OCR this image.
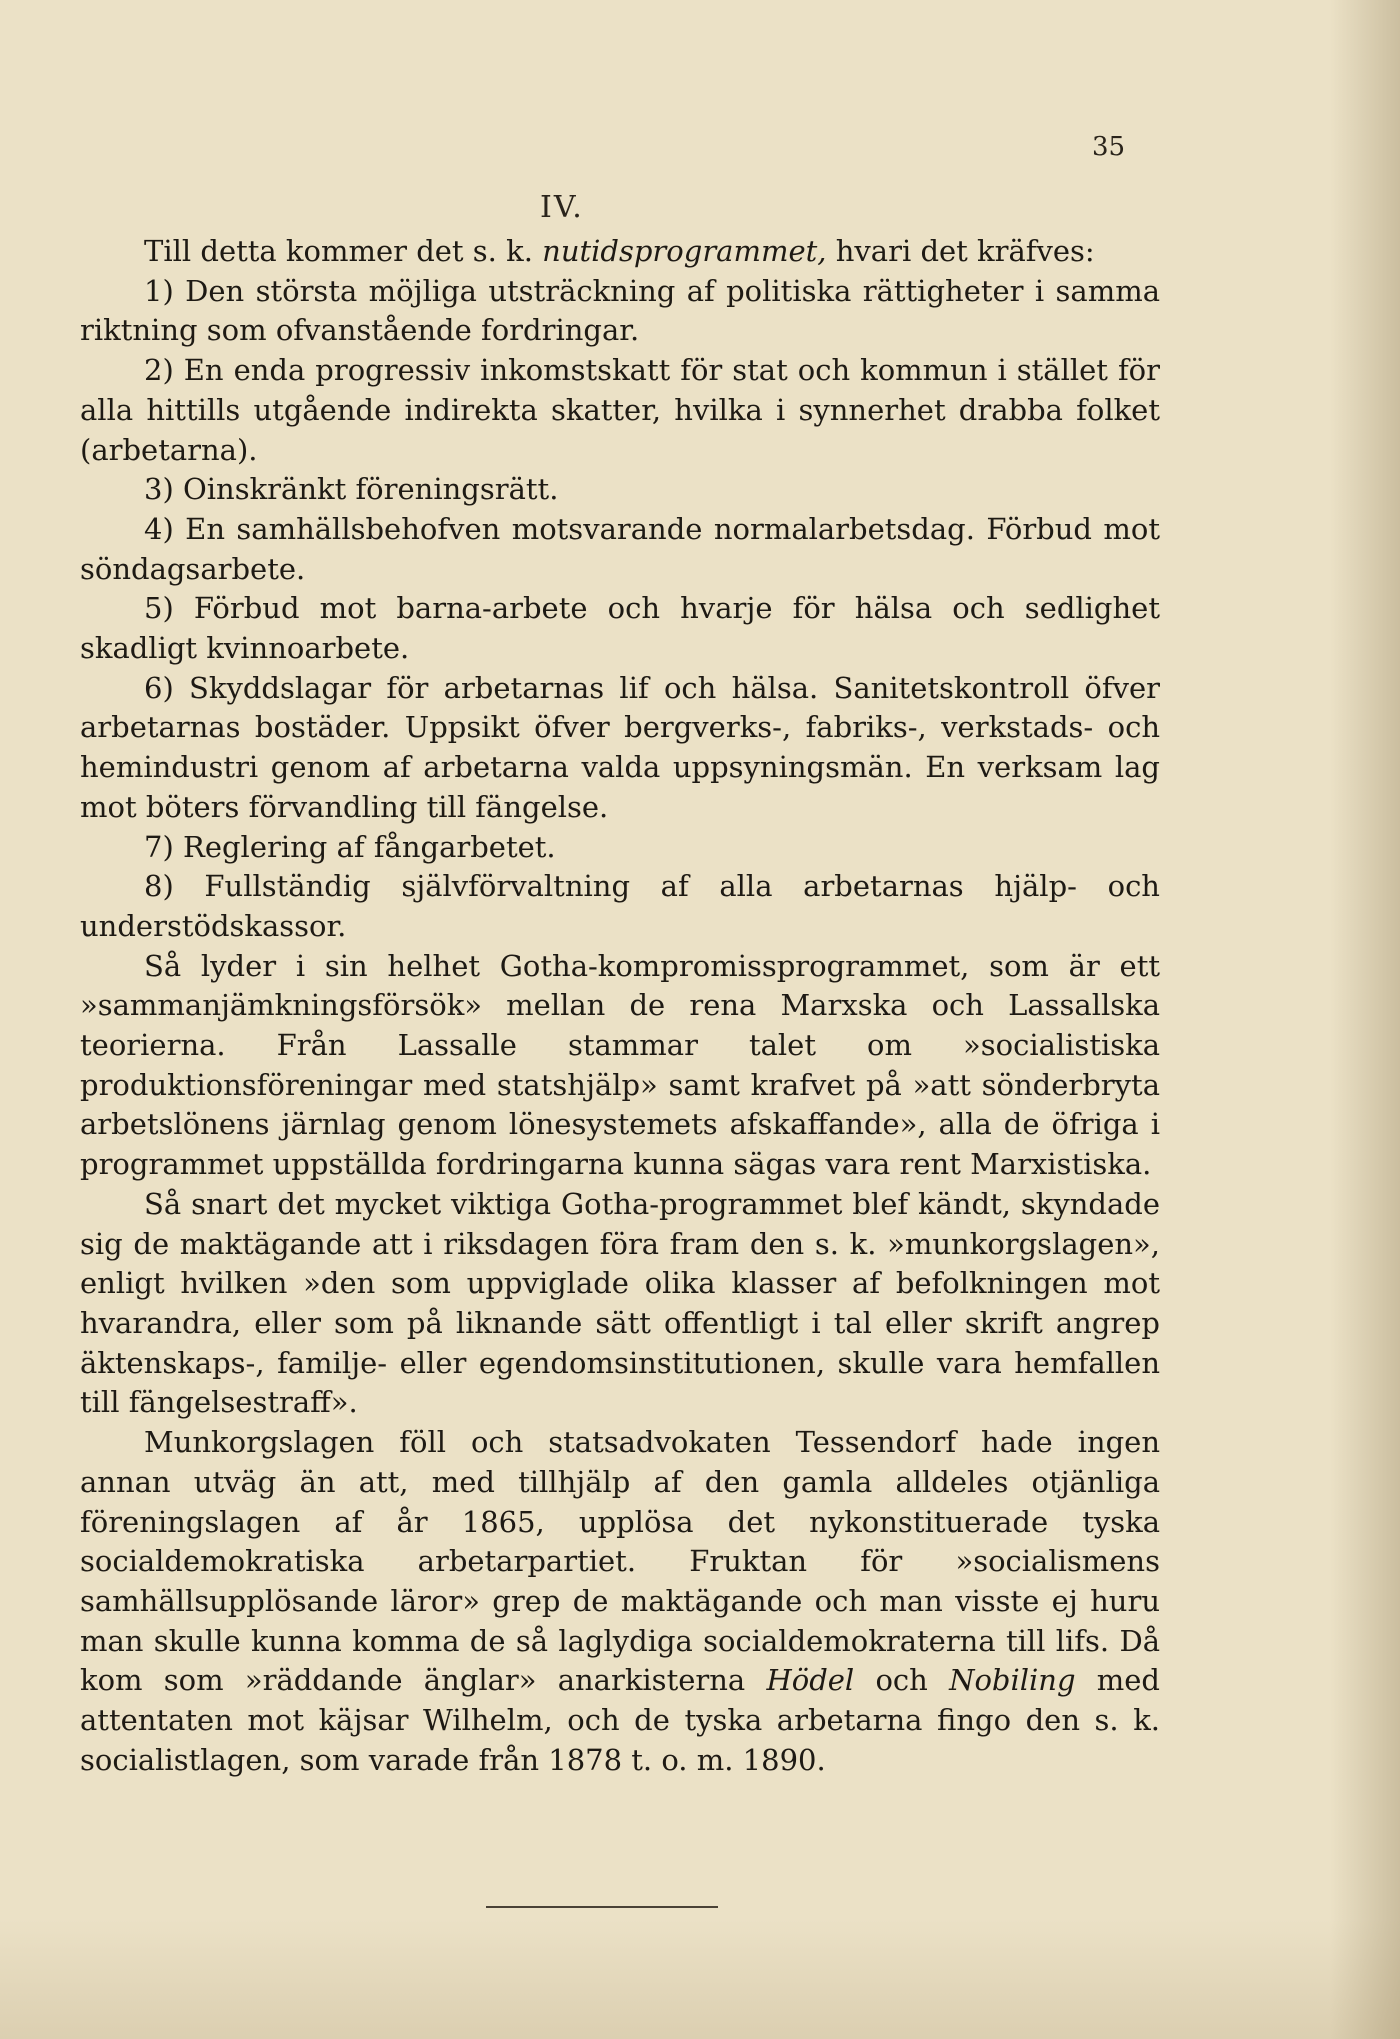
35
IV.

Till detta kommer det s. k. nutidsprogrammet, hvari det kräfves:

1) Den största möjliga utsträckning af politiska rättigheter i samma riktning som ofvanstående fordringar.

2) En enda progressiv inkomstskatt för stat och kommun i stället för alla hittills utgående indirekta skatter, hvilka i synnerhet drabba folket (arbetarna).

3) Oinskränkt föreningsrätt.

4) En samhällsbehofven motsvarande normalarbetsdag. Förbud mot söndagsarbete.

5) Förbud mot barna-arbete och hvarje för hälsa och sedlighet skadligt kvinnoarbete.

6) Skyddslagar för arbetarnas lif och hälsa. Sanitetskontroll öfver arbetarnas bostäder. Uppsikt öfver bergverks-, fabriks-, verkstads- och hemindustri genom af arbetarna valda uppsyningsmän. En verksam lag mot böters förvandling till fängelse.

7) Reglering af fångarbetet.

8) Fullständig självförvaltning af alla arbetarnas hjälp- och understödskassor.

Så lyder i sin helhet Gotha-kompromissprogrammet, som är ett »sammanjämkningsförsök» mellan de rena Marxska och Lassallska teorierna. Från Lassalle stammar talet om »socialistiska produktionsföreningar med statshjälp» samt krafvet på »att sönderbryta arbetslönens järnlag genom lönesystemets afskaffande», alla de öfriga i programmet uppställda fordringarna kunna sägas vara rent Marxistiska.

Så snart det mycket viktiga Gotha-programmet blef kändt, skyndade sig de maktägande att i riksdagen föra fram den s. k. »munkorgslagen», enligt hvilken »den som uppviglade olika klasser af befolkningen mot hvarandra, eller som på liknande sätt offentligt i tal eller skrift angrep äktenskaps-, familje- eller egendomsinstitutionen, skulle vara hemfallen till fängelsestraff».

Munkorgslagen föll och statsadvokaten Tessendorf hade ingen annan utväg än att, med tillhjälp af den gamla alldeles otjänliga föreningslagen af år 1865, upplösa det nykonstituerade tyska socialdemokratiska arbetarpartiet. Fruktan för »socialismens samhällsupplösande läror» grep de maktägande och man visste ej huru man skulle kunna komma de så laglydiga socialdemokraterna till lifs. Då kom som »räddande änglar» anarkisterna Hödel och Nobiling med attentaten mot käjsar Wilhelm, och de tyska arbetarna fingo den s. k. socialistlagen, som varade från 1878 t. o. m. 1890.
